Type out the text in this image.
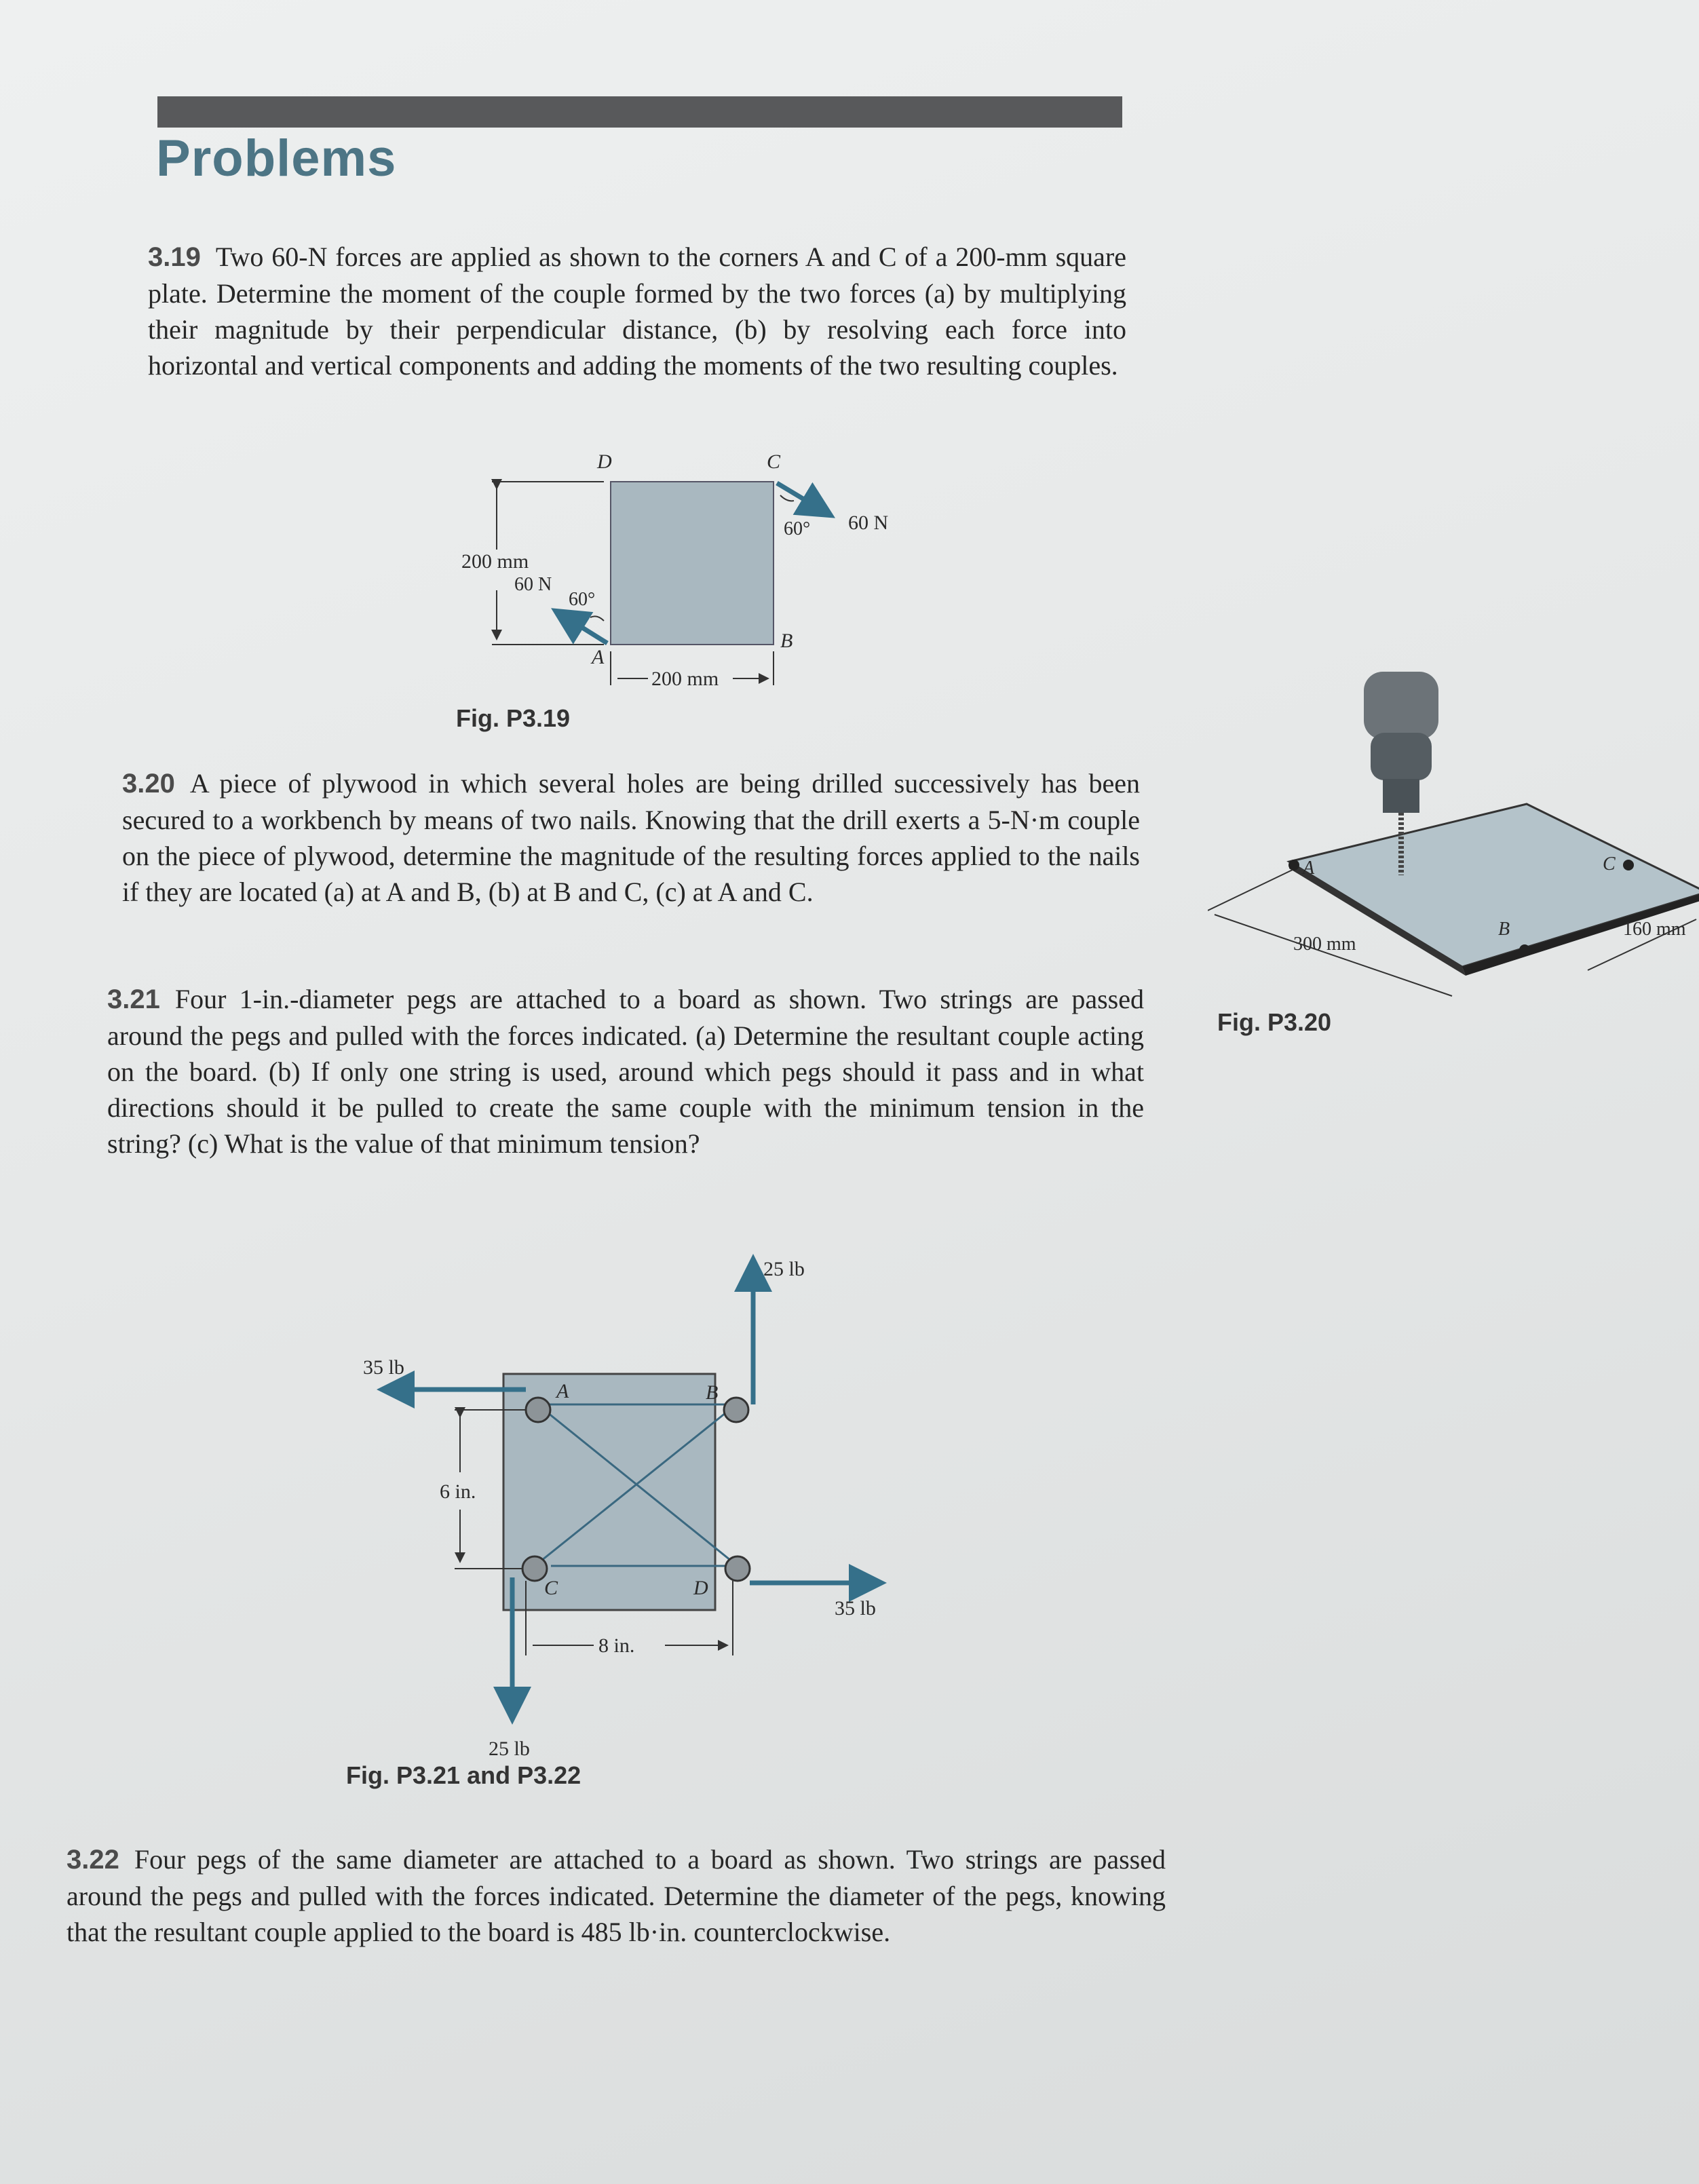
Problems
3.19 Two 60-N forces are applied as shown to the corners A and C of a 200-mm square plate. Determine the moment of the couple formed by the two forces (a) by multiplying their magnitude by their perpendicular distance, (b) by resolving each force into horizontal and vertical components and adding the moments of the two resulting couples.
200 mm
200 mm
D	C
A
B
60° 60 N
60 N
60°
Fig. P3.19
3.20 A piece of plywood in which several holes are being drilled successively has been secured to a workbench by means of two nails. Knowing that the drill exerts a 5-N·m couple on the piece of plywood, determine the magnitude of the resulting forces applied to the nails if they are located (a) at A and B, (b) at B and C, (c) at A and C.
A	C
B
300 mm
160 mm
Fig. P3.20
3.21 Four 1-in.-diameter pegs are attached to a board as shown. Two strings are passed around the pegs and pulled with the forces indicated. (a) Determine the resultant couple acting on the board. (b) If only one string is used, around which pegs should it pass and in what directions should it be pulled to create the same couple with the minimum tension in the string? (c) What is the value of that minimum tension?
A	B
C	D
25 lb
35 lb
35 lb
25 lb
6 in.
8 in.
Fig. P3.21 and P3.22
3.22 Four pegs of the same diameter are attached to a board as shown. Two strings are passed around the pegs and pulled with the forces indicated. Determine the diameter of the pegs, knowing that the resultant couple applied to the board is 485 lb·in. counterclockwise.
